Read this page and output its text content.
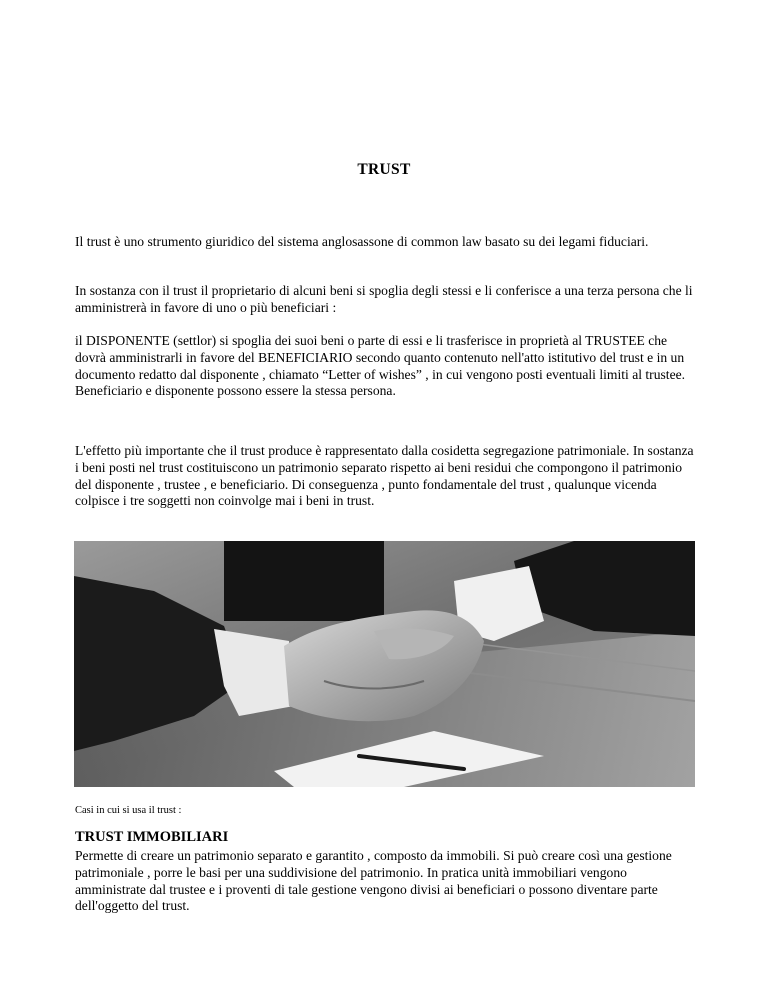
TRUST

Il trust è uno strumento giuridico del sistema anglosassone di common law basato su dei legami fiduciari.

In sostanza con il trust il proprietario di alcuni beni si spoglia degli stessi e li conferisce a una terza persona che li amministrerà in favore di uno o più beneficiari :

il DISPONENTE (settlor) si spoglia dei suoi beni o parte di essi e li trasferisce in proprietà al TRUSTEE che dovrà amministrarli in favore del BENEFICIARIO secondo quanto contenuto nell'atto istitutivo del trust e in un documento redatto dal disponente , chiamato “Letter of wishes” , in cui vengono posti eventuali limiti al trustee. Beneficiario e disponente possono essere la stessa persona.

L'effetto più importante che il trust produce è rappresentato dalla cosidetta segregazione patrimoniale. In sostanza i beni posti nel trust costituiscono un patrimonio separato rispetto ai beni residui che compongono il patrimonio del disponente , trustee , e beneficiario. Di conseguenza , punto fondamentale del trust , qualunque vicenda colpisce i tre soggetti non coinvolge mai i beni in trust.

Casi in cui si usa il trust :
TRUST IMMOBILIARI

Permette di creare un patrimonio separato e garantito , composto da immobili. Si può creare così una gestione patrimoniale , porre le basi per una suddivisione del patrimonio. In pratica unità immobiliari vengono amministrate dal trustee e i proventi di tale gestione vengono divisi ai beneficiari o possono diventare parte dell'oggetto del trust.
